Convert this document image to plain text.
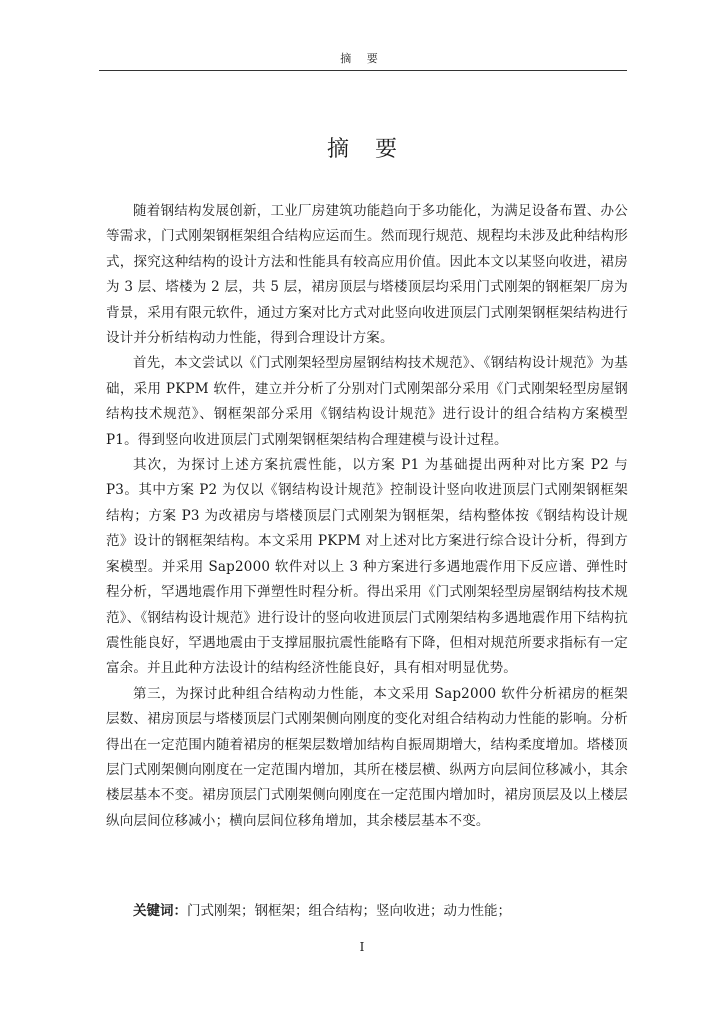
摘 要
摘要

随着钢结构发展创新，工业厂房建筑功能趋向于多功能化，为满足设备布置、办公等需求，门式刚架钢框架组合结构应运而生。然而现行规范、规程均未涉及此种结构形式，探究这种结构的设计方法和性能具有较高应用价值。因此本文以某竖向收进，裙房为 3 层、塔楼为 2 层，共 5 层，裙房顶层与塔楼顶层均采用门式刚架的钢框架厂房为背景，采用有限元软件，通过方案对比方式对此竖向收进顶层门式刚架钢框架结构进行设计并分析结构动力性能，得到合理设计方案。

首先，本文尝试以《门式刚架轻型房屋钢结构技术规范》、《钢结构设计规范》为基础，采用 PKPM 软件，建立并分析了分别对门式刚架部分采用《门式刚架轻型房屋钢结构技术规范》、钢框架部分采用《钢结构设计规范》进行设计的组合结构方案模型 P1。得到竖向收进顶层门式刚架钢框架结构合理建模与设计过程。

其次，为探讨上述方案抗震性能，以方案 P1 为基础提出两种对比方案 P2 与 P3。其中方案 P2 为仅以《钢结构设计规范》控制设计竖向收进顶层门式刚架钢框架结构；方案 P3 为改裙房与塔楼顶层门式刚架为钢框架，结构整体按《钢结构设计规范》设计的钢框架结构。本文采用 PKPM 对上述对比方案进行综合设计分析，得到方案模型。并采用 Sap2000 软件对以上 3 种方案进行多遇地震作用下反应谱、弹性时程分析，罕遇地震作用下弹塑性时程分析。得出采用《门式刚架轻型房屋钢结构技术规范》、《钢结构设计规范》进行设计的竖向收进顶层门式刚架结构多遇地震作用下结构抗震性能良好，罕遇地震由于支撑屈服抗震性能略有下降，但相对规范所要求指标有一定富余。并且此种方法设计的结构经济性能良好，具有相对明显优势。

第三，为探讨此种组合结构动力性能，本文采用 Sap2000 软件分析裙房的框架层数、裙房顶层与塔楼顶层门式刚架侧向刚度的变化对组合结构动力性能的影响。分析得出在一定范围内随着裙房的框架层数增加结构自振周期增大，结构柔度增加。塔楼顶层门式刚架侧向刚度在一定范围内增加，其所在楼层横、纵两方向层间位移减小，其余楼层基本不变。裙房顶层门式刚架侧向刚度在一定范围内增加时，裙房顶层及以上楼层纵向层间位移减小；横向层间位移角增加，其余楼层基本不变。

关键词：门式刚架；钢框架；组合结构；竖向收进；动力性能；
I
